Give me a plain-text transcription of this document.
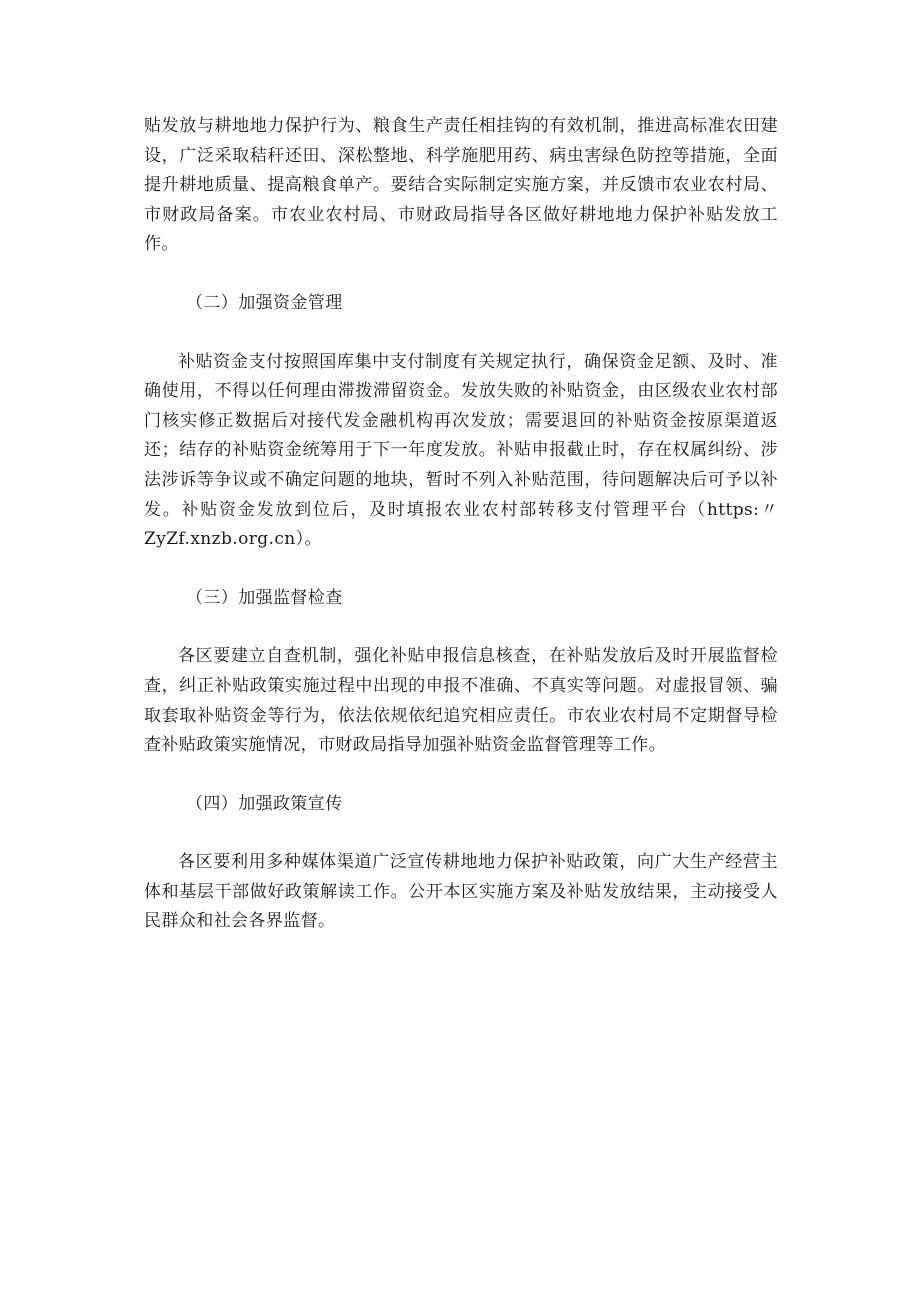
贴发放与耕地地力保护行为、粮食生产责任相挂钩的有效机制，推进高标准农田建设，广泛采取秸秆还田、深松整地、科学施肥用药、病虫害绿色防控等措施，全面提升耕地质量、提高粮食单产。要结合实际制定实施方案，并反馈市农业农村局、市财政局备案。市农业农村局、市财政局指导各区做好耕地地力保护补贴发放工作。

（二）加强资金管理

补贴资金支付按照国库集中支付制度有关规定执行，确保资金足额、及时、准确使用，不得以任何理由滞拨滞留资金。发放失败的补贴资金，由区级农业农村部门核实修正数据后对接代发金融机构再次发放；需要退回的补贴资金按原渠道返还；结存的补贴资金统筹用于下一年度发放。补贴申报截止时，存在权属纠纷、涉法涉诉等争议或不确定问题的地块，暂时不列入补贴范围，待问题解决后可予以补发。补贴资金发放到位后，及时填报农业农村部转移支付管理平台（https:〃ZyZf.xnzb.org.cn）。

（三）加强监督检查

各区要建立自查机制，强化补贴申报信息核查，在补贴发放后及时开展监督检查，纠正补贴政策实施过程中出现的申报不准确、不真实等问题。对虚报冒领、骗取套取补贴资金等行为，依法依规依纪追究相应责任。市农业农村局不定期督导检查补贴政策实施情况，市财政局指导加强补贴资金监督管理等工作。

（四）加强政策宣传

各区要利用多种媒体渠道广泛宣传耕地地力保护补贴政策，向广大生产经营主体和基层干部做好政策解读工作。公开本区实施方案及补贴发放结果，主动接受人民群众和社会各界监督。
